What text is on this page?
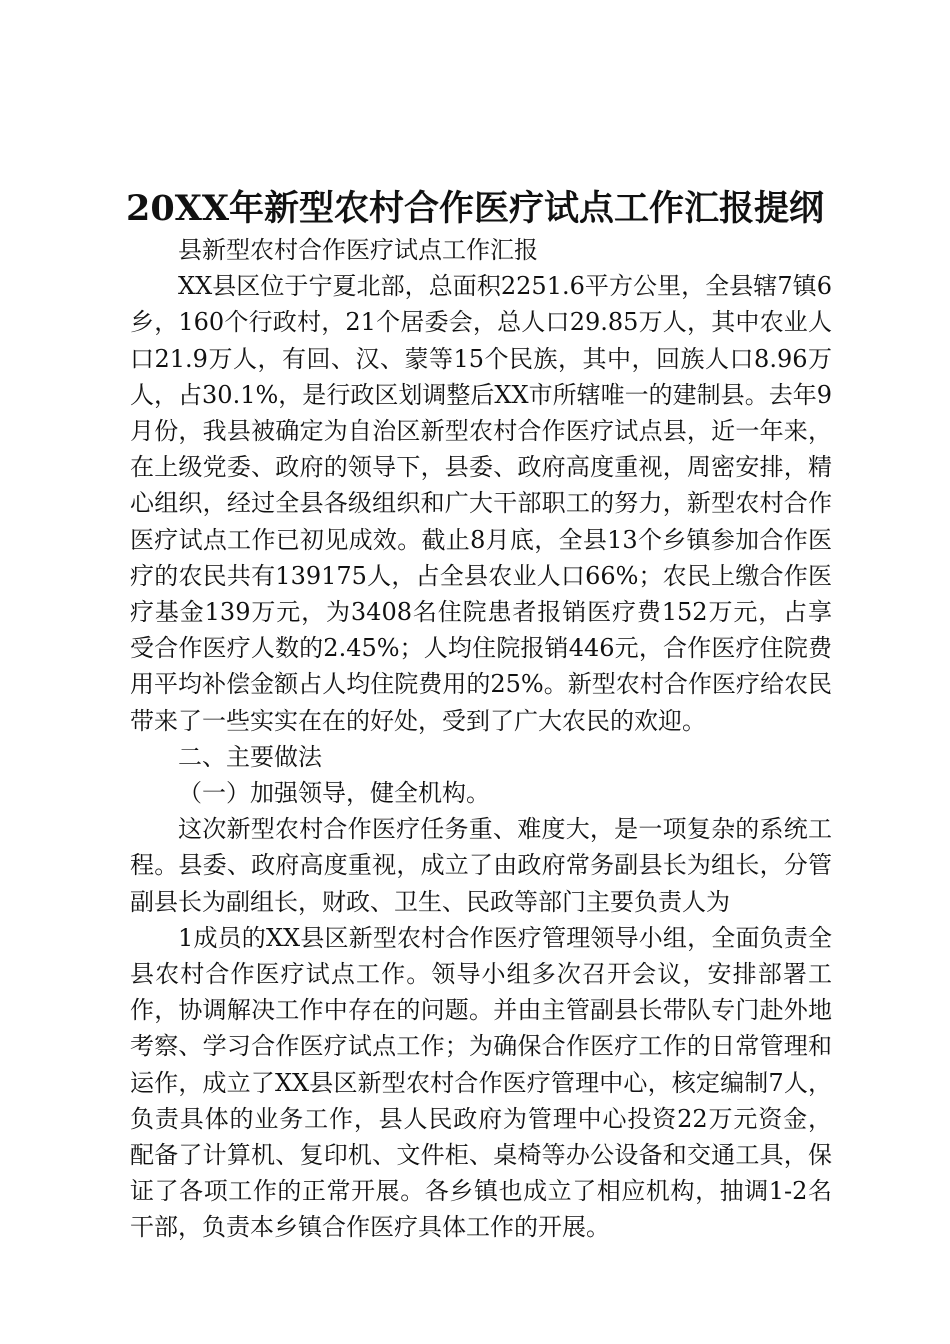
20XX年新型农村合作医疗试点工作汇报提纲

县新型农村合作医疗试点工作汇报

XX县区位于宁夏北部，总面积2251.6平方公里，全县辖7镇6乡，160个行政村，21个居委会，总人口29.85万人，其中农业人口21.9万人，有回、汉、蒙等15个民族，其中，回族人口8.96万人，占30.1%，是行政区划调整后XX市所辖唯一的建制县。去年9月份，我县被确定为自治区新型农村合作医疗试点县，近一年来，在上级党委、政府的领导下，县委、政府高度重视，周密安排，精心组织，经过全县各级组织和广大干部职工的努力，新型农村合作医疗试点工作已初见成效。截止8月底，全县13个乡镇参加合作医疗的农民共有139175人，占全县农业人口66%；农民上缴合作医疗基金139万元，为3408名住院患者报销医疗费152万元，占享受合作医疗人数的2.45%；人均住院报销446元，合作医疗住院费用平均补偿金额占人均住院费用的25%。新型农村合作医疗给农民带来了一些实实在在的好处，受到了广大农民的欢迎。

二、主要做法

（一）加强领导，健全机构。

这次新型农村合作医疗任务重、难度大，是一项复杂的系统工程。县委、政府高度重视，成立了由政府常务副县长为组长，分管副县长为副组长，财政、卫生、民政等部门主要负责人为

1成员的XX县区新型农村合作医疗管理领导小组，全面负责全县农村合作医疗试点工作。领导小组多次召开会议，安排部署工作，协调解决工作中存在的问题。并由主管副县长带队专门赴外地考察、学习合作医疗试点工作；为确保合作医疗工作的日常管理和运作，成立了XX县区新型农村合作医疗管理中心，核定编制7人，负责具体的业务工作，县人民政府为管理中心投资22万元资金，配备了计算机、复印机、文件柜、桌椅等办公设备和交通工具，保证了各项工作的正常开展。各乡镇也成立了相应机构，抽调1-2名干部，负责本乡镇合作医疗具体工作的开展。
